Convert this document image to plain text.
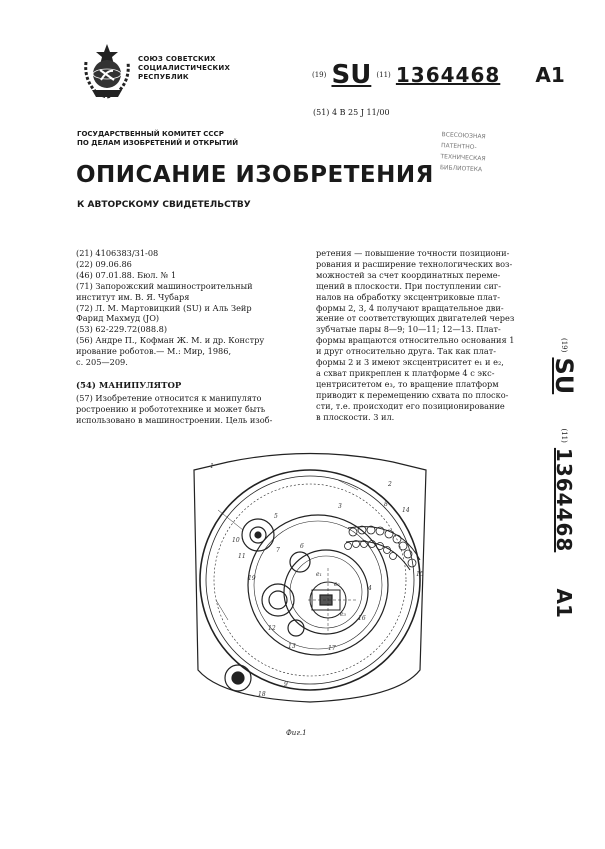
СОЮЗ СОВЕТСКИХ
СОЦИАЛИСТИЧЕСКИХ
РЕСПУБЛИК	(19) SU (11) 1364468 A1
(51) 4 B 25 J 11/00
ГОСУДАРСТВЕННЫЙ КОМИТЕТ СССР
ПО ДЕЛАМ ИЗОБРЕТЕНИЙ И ОТКРЫТИЙ
ВСЕСОЮЗНАЯ
ПАТЕНТНО-
ТЕХНИЧЕСКАЯ
БИБЛИОТЕКА
ОПИСАНИЕ ИЗОБРЕТЕНИЯ
К АВТОРСКОМУ СВИДЕТЕЛЬСТВУ
(21) 4106383/31-08
(22) 09.06.86
(46) 07.01.88. Бюл. № 1
(71) Запорожский машиностроительный
институт им. В. Я. Чубаря
(72) Л. М. Мартовицкий (SU) и Аль Зейр
Фарид Махмуд (JO)
(53) 62-229.72(088.8)
(56) Андре П., Кофман Ж. М. и др. Констру
ирование роботов.— М.: Мир, 1986,
с. 205—209.
(54) МАНИПУЛЯТОР
(57) Изобретение относится к манипулято
ростроению и робототехнике и может быть
использовано в машиностроении. Цель изоб-
ретения — повышение точности позициони-
рования и расширение технологических воз-
можностей за счет координатных переме-
щений в плоскости. При поступлении сиг-
налов на обработку эксцентриковые плат-
формы 2, 3, 4 получают вращательное дви-
жение от соответствующих двигателей через
зубчатые пары 8—9; 10—11; 12—13. Плат-
формы вращаются относительно основания 1
и друг относительно друга. Так как плат-
формы 2 и 3 имеют эксцентриситет e₁ и e₂,
а схват прикреплен к платформе 4 с экс-
центриситетом e₃, то вращение платформ
приводит к перемещению схвата по плоско-
сти, т.е. происходит его позиционирование
в плоскости. 3 ил.
(19) SU  (11) 1364468  A1
1
2
3
4
5
6
7
8
9
10
11
12
13
14
15
16
17
18
19
e₁
e₂
e₃
Фиг.1
